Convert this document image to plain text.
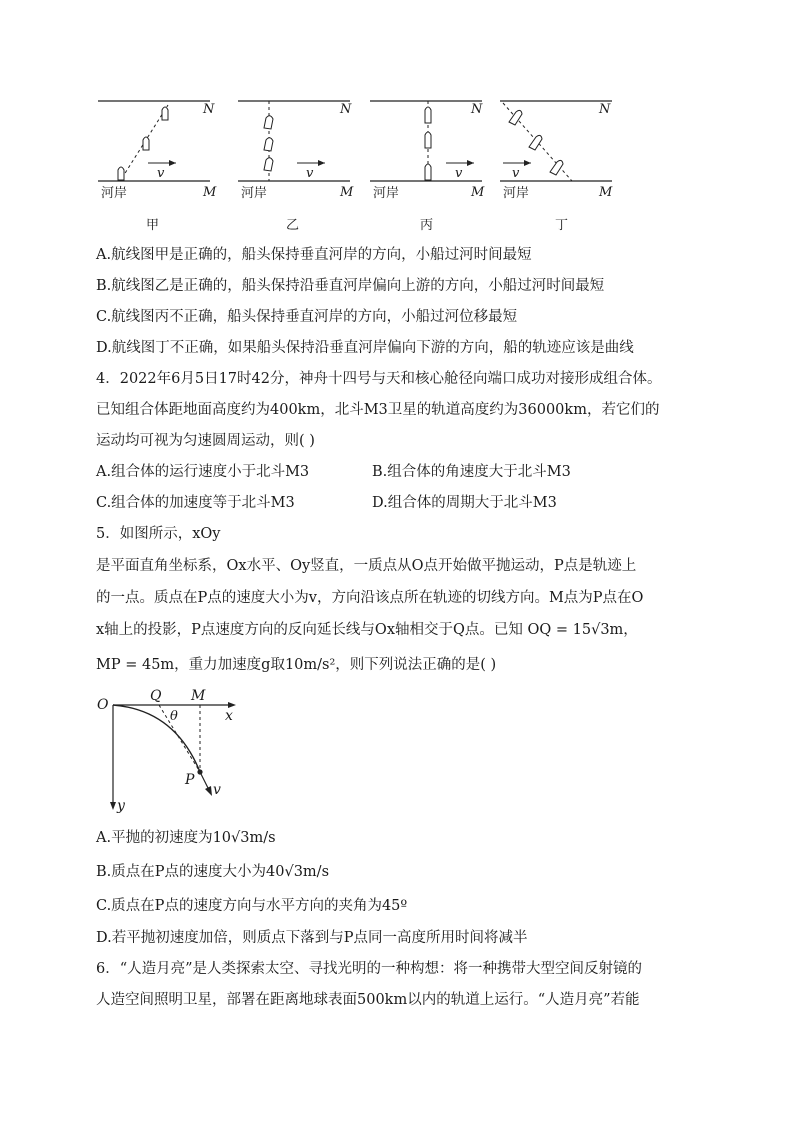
v
N
M
河岸
甲
v
N
M
河岸
乙
v
N
M
河岸
丙
v
N
M
河岸
丁
A.航线图甲是正确的，船头保持垂直河岸的方向，小船过河时间最短
B.航线图乙是正确的，船头保持沿垂直河岸偏向上游的方向，小船过河时间最短
C.航线图丙不正确，船头保持垂直河岸的方向，小船过河位移最短
D.航线图丁不正确，如果船头保持沿垂直河岸偏向下游的方向，船的轨迹应该是曲线
4．2022年6月5日17时42分，神舟十四号与天和核心舱径向端口成功对接形成组合体。
已知组合体距地面高度约为400km，北斗M3卫星的轨道高度约为36000km，若它们的
运动均可视为匀速圆周运动，则( )
A.组合体的运行速度小于北斗M3	B.组合体的角速度大于北斗M3
C.组合体的加速度等于北斗M3	D.组合体的周期大于北斗M3
5．如图所示，xOy
是平面直角坐标系，Ox水平、Oy竖直，一质点从O点开始做平抛运动，P点是轨迹上
的一点。质点在P点的速度大小为v，方向沿该点所在轨迹的切线方向。M点为P点在O
x轴上的投影，P点速度方向的反向延长线与Ox轴相交于Q点。已知 OQ = 15√3m，
MP = 45m，重力加速度g取10m/s²，则下列说法正确的是( )
O
Q M
x
y
θ
P
v
A.平抛的初速度为10√3m/s
B.质点在P点的速度大小为40√3m/s
C.质点在P点的速度方向与水平方向的夹角为45º
D.若平抛初速度加倍，则质点下落到与P点同一高度所用时间将减半
6．“人造月亮”是人类探索太空、寻找光明的一种构想：将一种携带大型空间反射镜的
人造空间照明卫星，部署在距离地球表面500km以内的轨道上运行。“人造月亮”若能
